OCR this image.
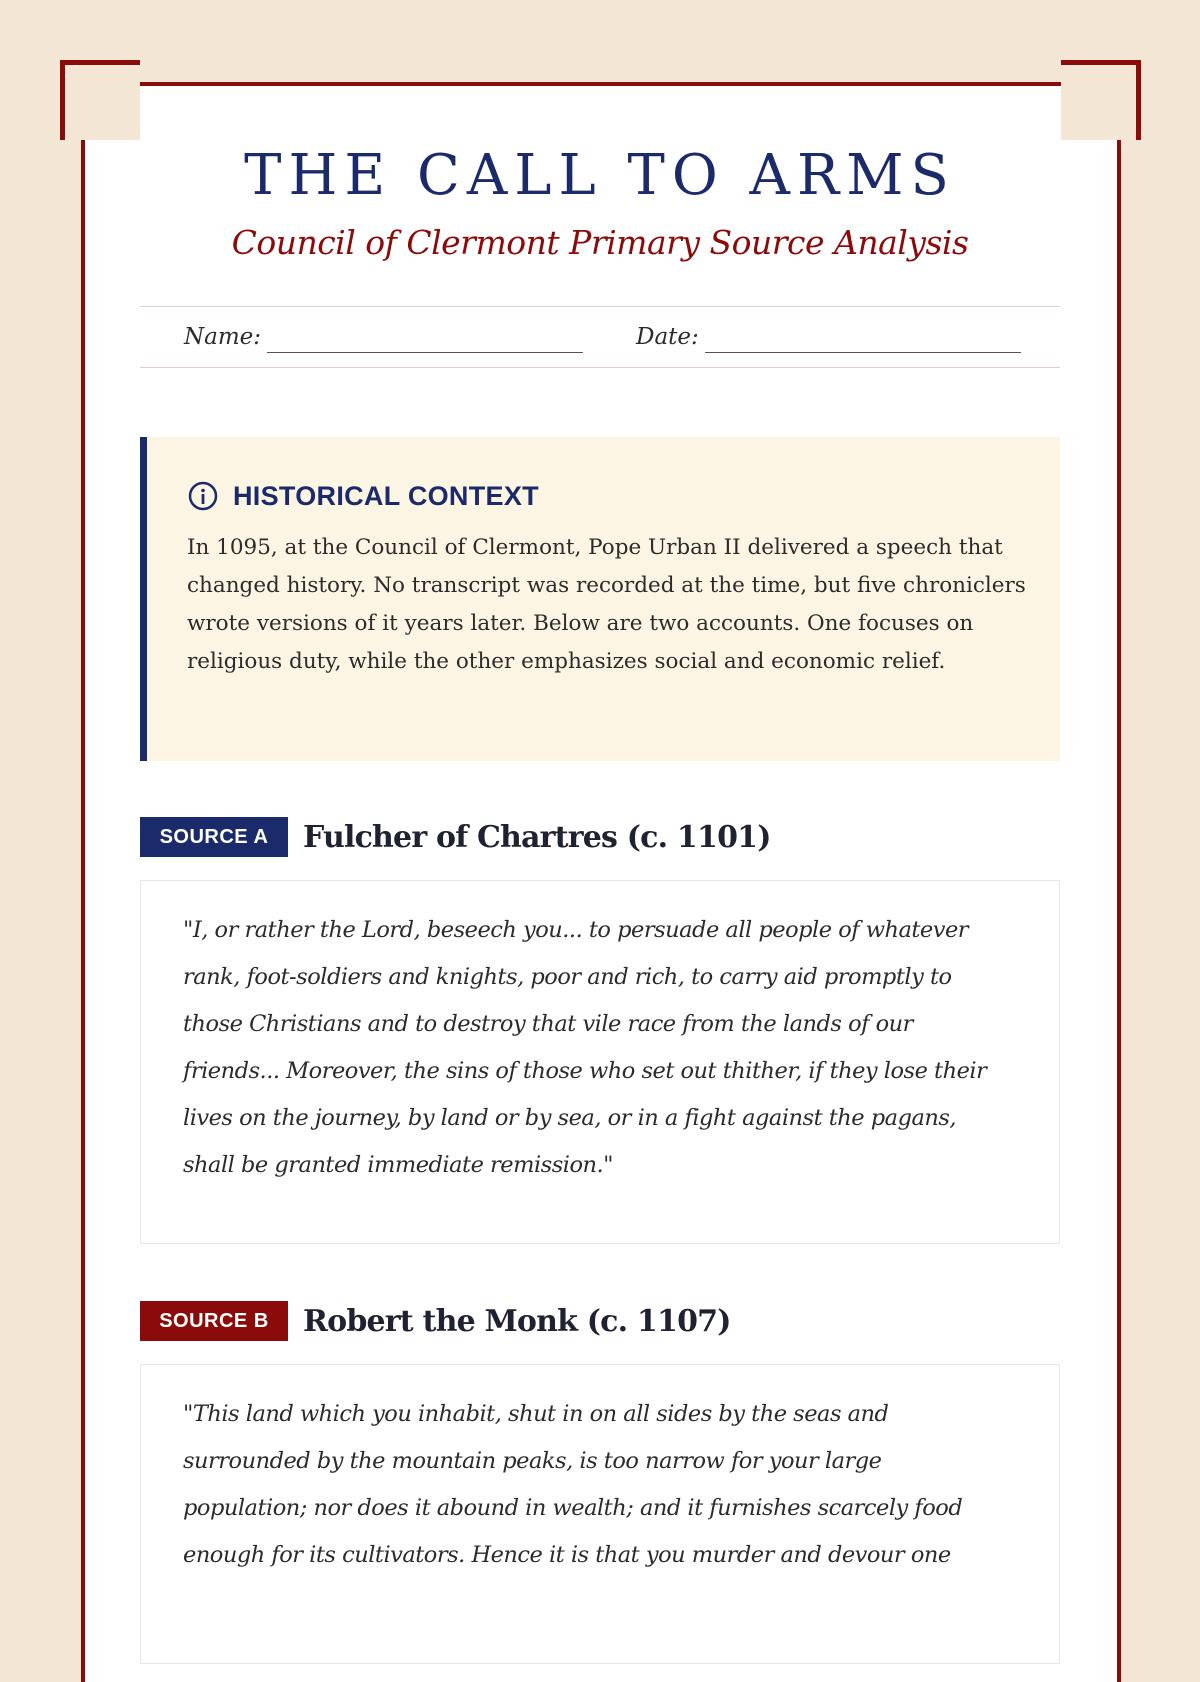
THE CALL TO ARMS
Council of Clermont Primary Source Analysis
Name:	Date:
HISTORICAL CONTEXT
In 1095, at the Council of Clermont, Pope Urban II delivered a speech that changed history. No transcript was recorded at the time, but five chroniclers wrote versions of it years later. Below are two accounts. One focuses on religious duty, while the other emphasizes social and economic relief.
SOURCE A	Fulcher of Chartres (c. 1101)
"I, or rather the Lord, beseech you... to persuade all people of whatever rank, foot-soldiers and knights, poor and rich, to carry aid promptly to those Christians and to destroy that vile race from the lands of our friends... Moreover, the sins of those who set out thither, if they lose their lives on the journey, by land or by sea, or in a fight against the pagans, shall be granted immediate remission."
SOURCE B	Robert the Monk (c. 1107)
"This land which you inhabit, shut in on all sides by the seas and surrounded by the mountain peaks, is too narrow for your large population; nor does it abound in wealth; and it furnishes scarcely food enough for its cultivators. Hence it is that you murder and devour one
